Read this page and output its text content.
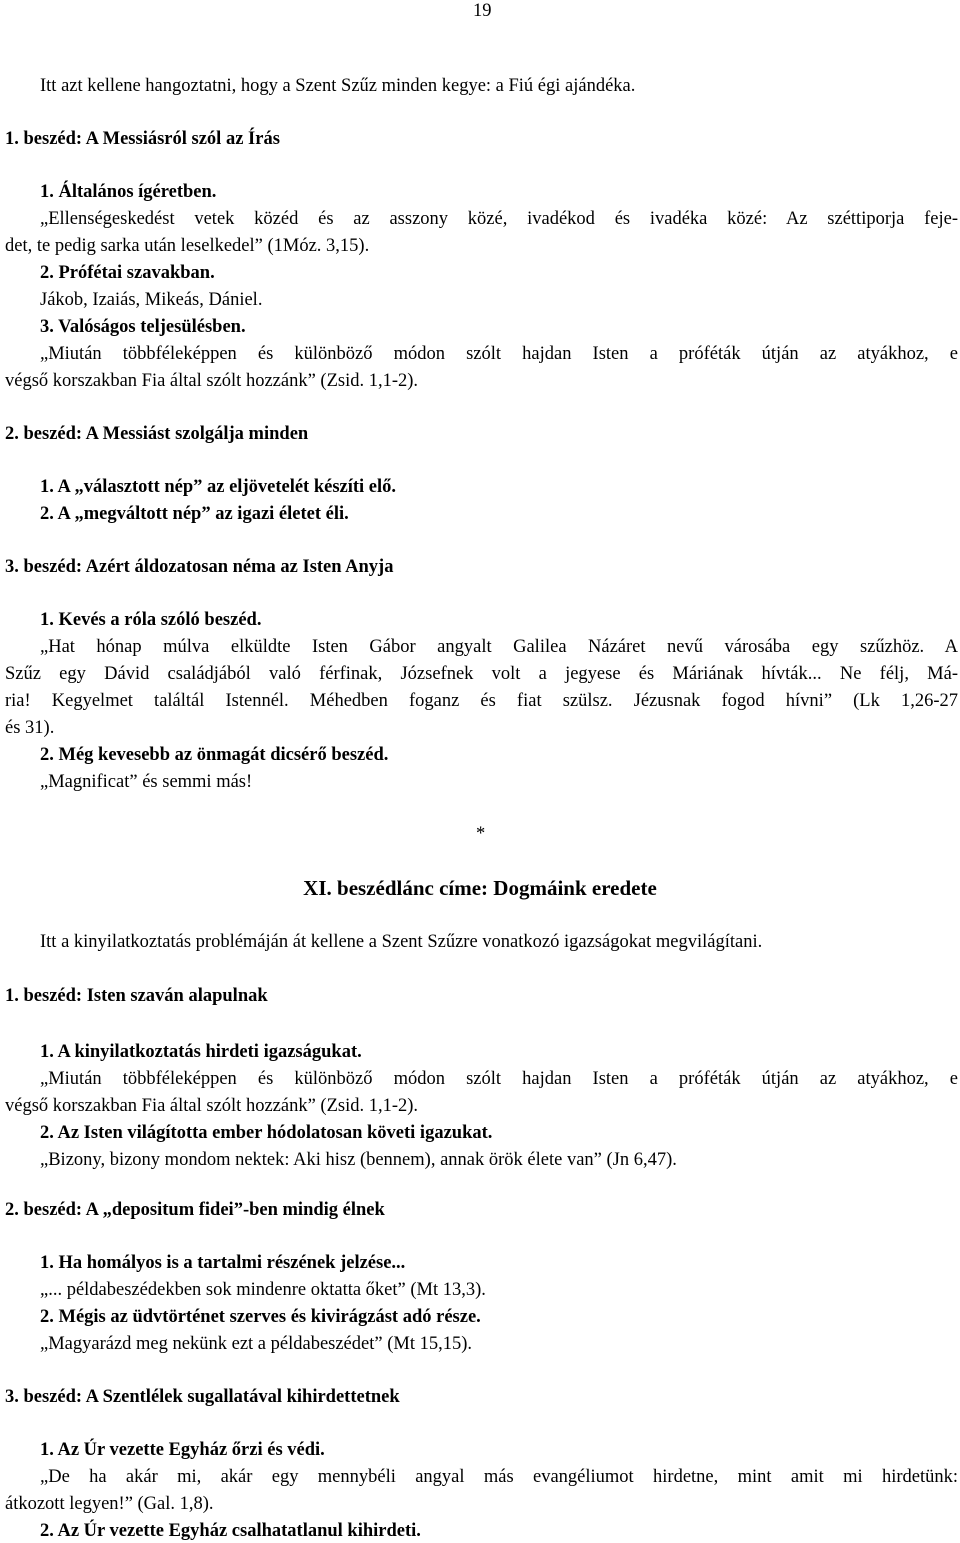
19
Itt azt kellene hangoztatni, hogy a Szent Szűz minden kegye: a Fiú égi ajándéka.
1. beszéd: A Messiásról szól az Írás
1. Általános ígéretben.
„Ellenségeskedést vetek közéd és az asszony közé, ivadékod és ivadéka közé: Az széttiporja feje-
det, te pedig sarka után leselkedel” (1Móz. 3,15).
2. Prófétai szavakban.
Jákob, Izaiás, Mikeás, Dániel.
3. Valóságos teljesülésben.
„Miután többféleképpen és különböző módon szólt hajdan Isten a próféták útján az atyákhoz, e
végső korszakban Fia által szólt hozzánk” (Zsid. 1,1-2).
2. beszéd: A Messiást szolgálja minden
1. A „választott nép” az eljövetelét készíti elő.
2. A „megváltott nép” az igazi életet éli.
3. beszéd: Azért áldozatosan néma az Isten Anyja
1. Kevés a róla szóló beszéd.
„Hat hónap múlva elküldte Isten Gábor angyalt Galilea Názáret nevű városába egy szűzhöz. A
Szűz egy Dávid családjából való férfinak, Józsefnek volt a jegyese és Máriának hívták... Ne félj, Má-
ria! Kegyelmet találtál Istennél. Méhedben foganz és fiat szülsz. Jézusnak fogod hívni” (Lk 1,26-27
és 31).
2. Még kevesebb az önmagát dicsérő beszéd.
„Magnificat” és semmi más!
*
XI. beszédlánc címe: Dogmáink eredete
Itt a kinyilatkoztatás problémáján át kellene a Szent Szűzre vonatkozó igazságokat megvilágítani.
1. beszéd: Isten szaván alapulnak
1. A kinyilatkoztatás hirdeti igazságukat.
„Miután többféleképpen és különböző módon szólt hajdan Isten a próféták útján az atyákhoz, e
végső korszakban Fia által szólt hozzánk” (Zsid. 1,1-2).
2. Az Isten világította ember hódolatosan követi igazukat.
„Bizony, bizony mondom nektek: Aki hisz (bennem), annak örök élete van” (Jn 6,47).
2. beszéd: A „depositum fidei”-ben mindig élnek
1. Ha homályos is a tartalmi részének jelzése...
„... példabeszédekben sok mindenre oktatta őket” (Mt 13,3).
2. Mégis az üdvtörténet szerves és kivirágzást adó része.
„Magyarázd meg nekünk ezt a példabeszédet” (Mt 15,15).
3. beszéd: A Szentlélek sugallatával kihirdettetnek
1. Az Úr vezette Egyház őrzi és védi.
„De ha akár mi, akár egy mennybéli angyal más evangéliumot hirdetne, mint amit mi hirdetünk:
átkozott legyen!” (Gal. 1,8).
2. Az Úr vezette Egyház csalhatatlanul kihirdeti.
